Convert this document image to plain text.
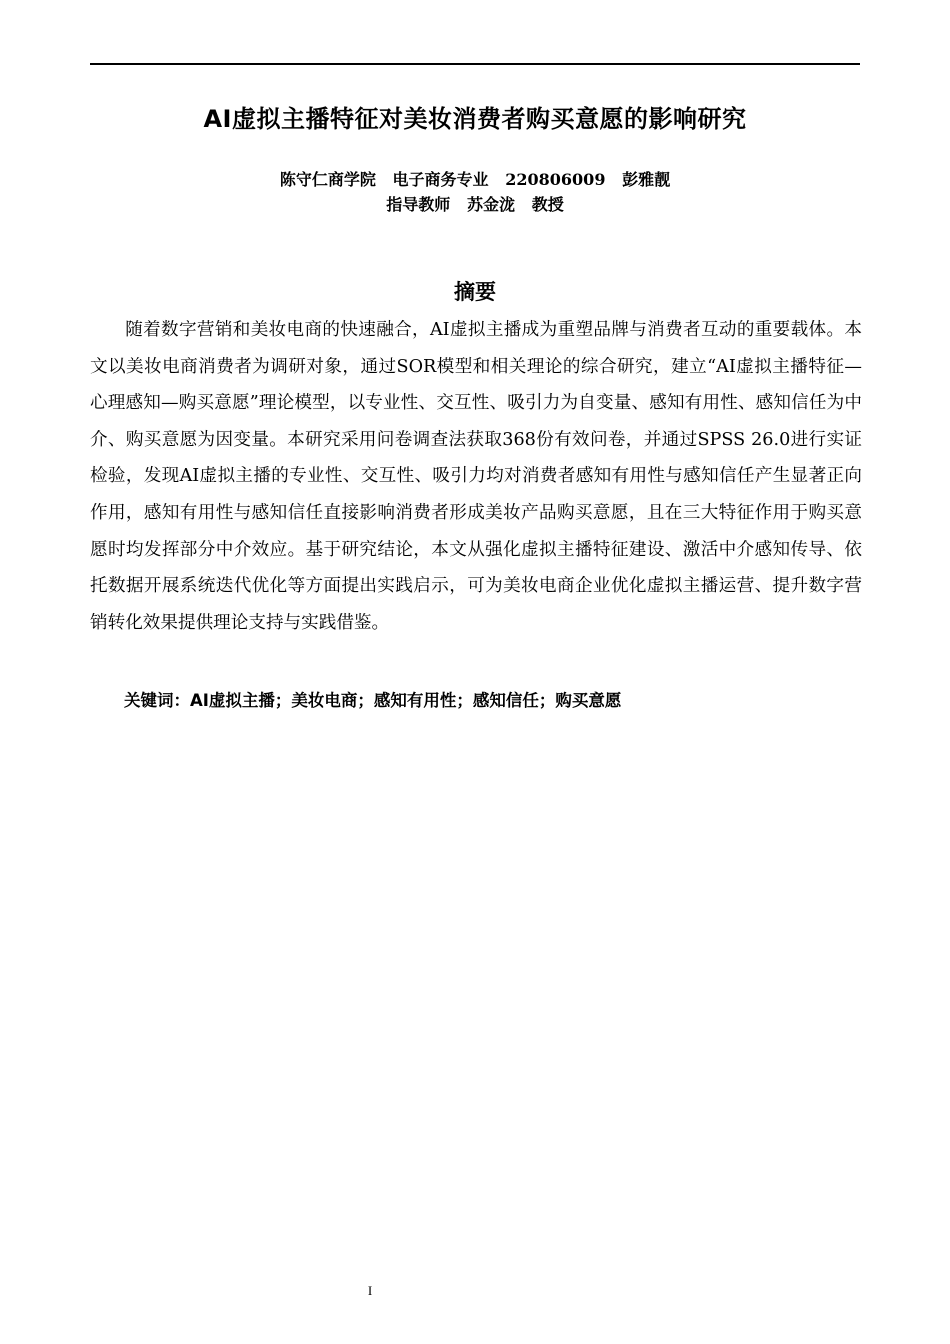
AI虚拟主播特征对美妆消费者购买意愿的影响研究
陈守仁商学院   电子商务专业   220806009   彭雅靓
指导教师   苏金泷   教授
摘要

随着数字营销和美妆电商的快速融合，AI虚拟主播成为重塑品牌与消费者互动的重要载体。本文以美妆电商消费者为调研对象，通过SOR模型和相关理论的综合研究，建立“AI虚拟主播特征—心理感知—购买意愿”理论模型，以专业性、交互性、吸引力为自变量、感知有用性、感知信任为中介、购买意愿为因变量。本研究采用问卷调查法获取368份有效问卷，并通过SPSS 26.0进行实证检验，发现AI虚拟主播的专业性、交互性、吸引力均对消费者感知有用性与感知信任产生显著正向作用，感知有用性与感知信任直接影响消费者形成美妆产品购买意愿，且在三大特征作用于购买意愿时均发挥部分中介效应。基于研究结论，本文从强化虚拟主播特征建设、激活中介感知传导、依托数据开展系统迭代优化等方面提出实践启示，可为美妆电商企业优化虚拟主播运营、提升数字营销转化效果提供理论支持与实践借鉴。

关键词：AI虚拟主播；美妆电商；感知有用性；感知信任；购买意愿
I
